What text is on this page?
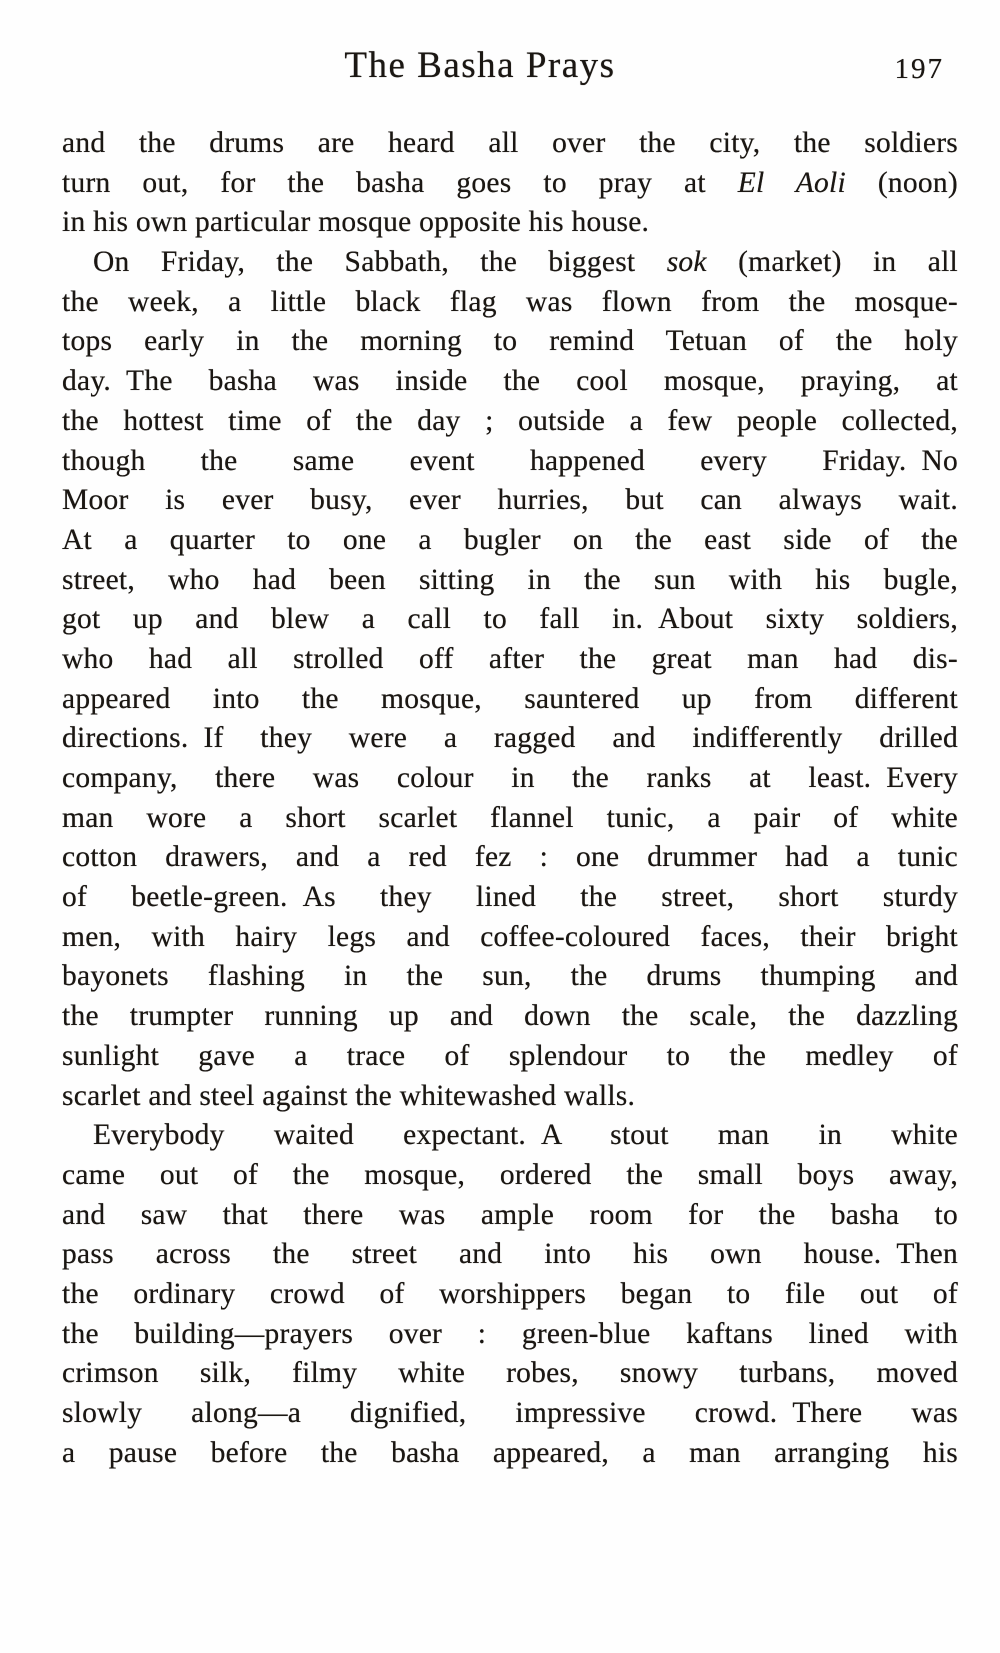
The Basha Prays	197
and the drums are heard all over the city, the soldiers
turn out, for the basha goes to pray at El Aoli (noon)
in his own particular mosque opposite his house.
On Friday, the Sabbath, the biggest sok (market) in all
the week, a little black flag was flown from the mosque-
tops early in the morning to remind Tetuan of the holy
day. The basha was inside the cool mosque, praying, at
the hottest time of the day ; outside a few people collected,
though the same event happened every Friday. No
Moor is ever busy, ever hurries, but can always wait.
At a quarter to one a bugler on the east side of the
street, who had been sitting in the sun with his bugle,
got up and blew a call to fall in. About sixty soldiers,
who had all strolled off after the great man had dis-
appeared into the mosque, sauntered up from different
directions. If they were a ragged and indifferently drilled
company, there was colour in the ranks at least. Every
man wore a short scarlet flannel tunic, a pair of white
cotton drawers, and a red fez : one drummer had a tunic
of beetle-green. As they lined the street, short sturdy
men, with hairy legs and coffee-coloured faces, their bright
bayonets flashing in the sun, the drums thumping and
the trumpter running up and down the scale, the dazzling
sunlight gave a trace of splendour to the medley of
scarlet and steel against the whitewashed walls.
Everybody waited expectant. A stout man in white
came out of the mosque, ordered the small boys away,
and saw that there was ample room for the basha to
pass across the street and into his own house. Then
the ordinary crowd of worshippers began to file out of
the building—prayers over : green-blue kaftans lined with
crimson silk, filmy white robes, snowy turbans, moved
slowly along—a dignified, impressive crowd. There was
a pause before the basha appeared, a man arranging his
